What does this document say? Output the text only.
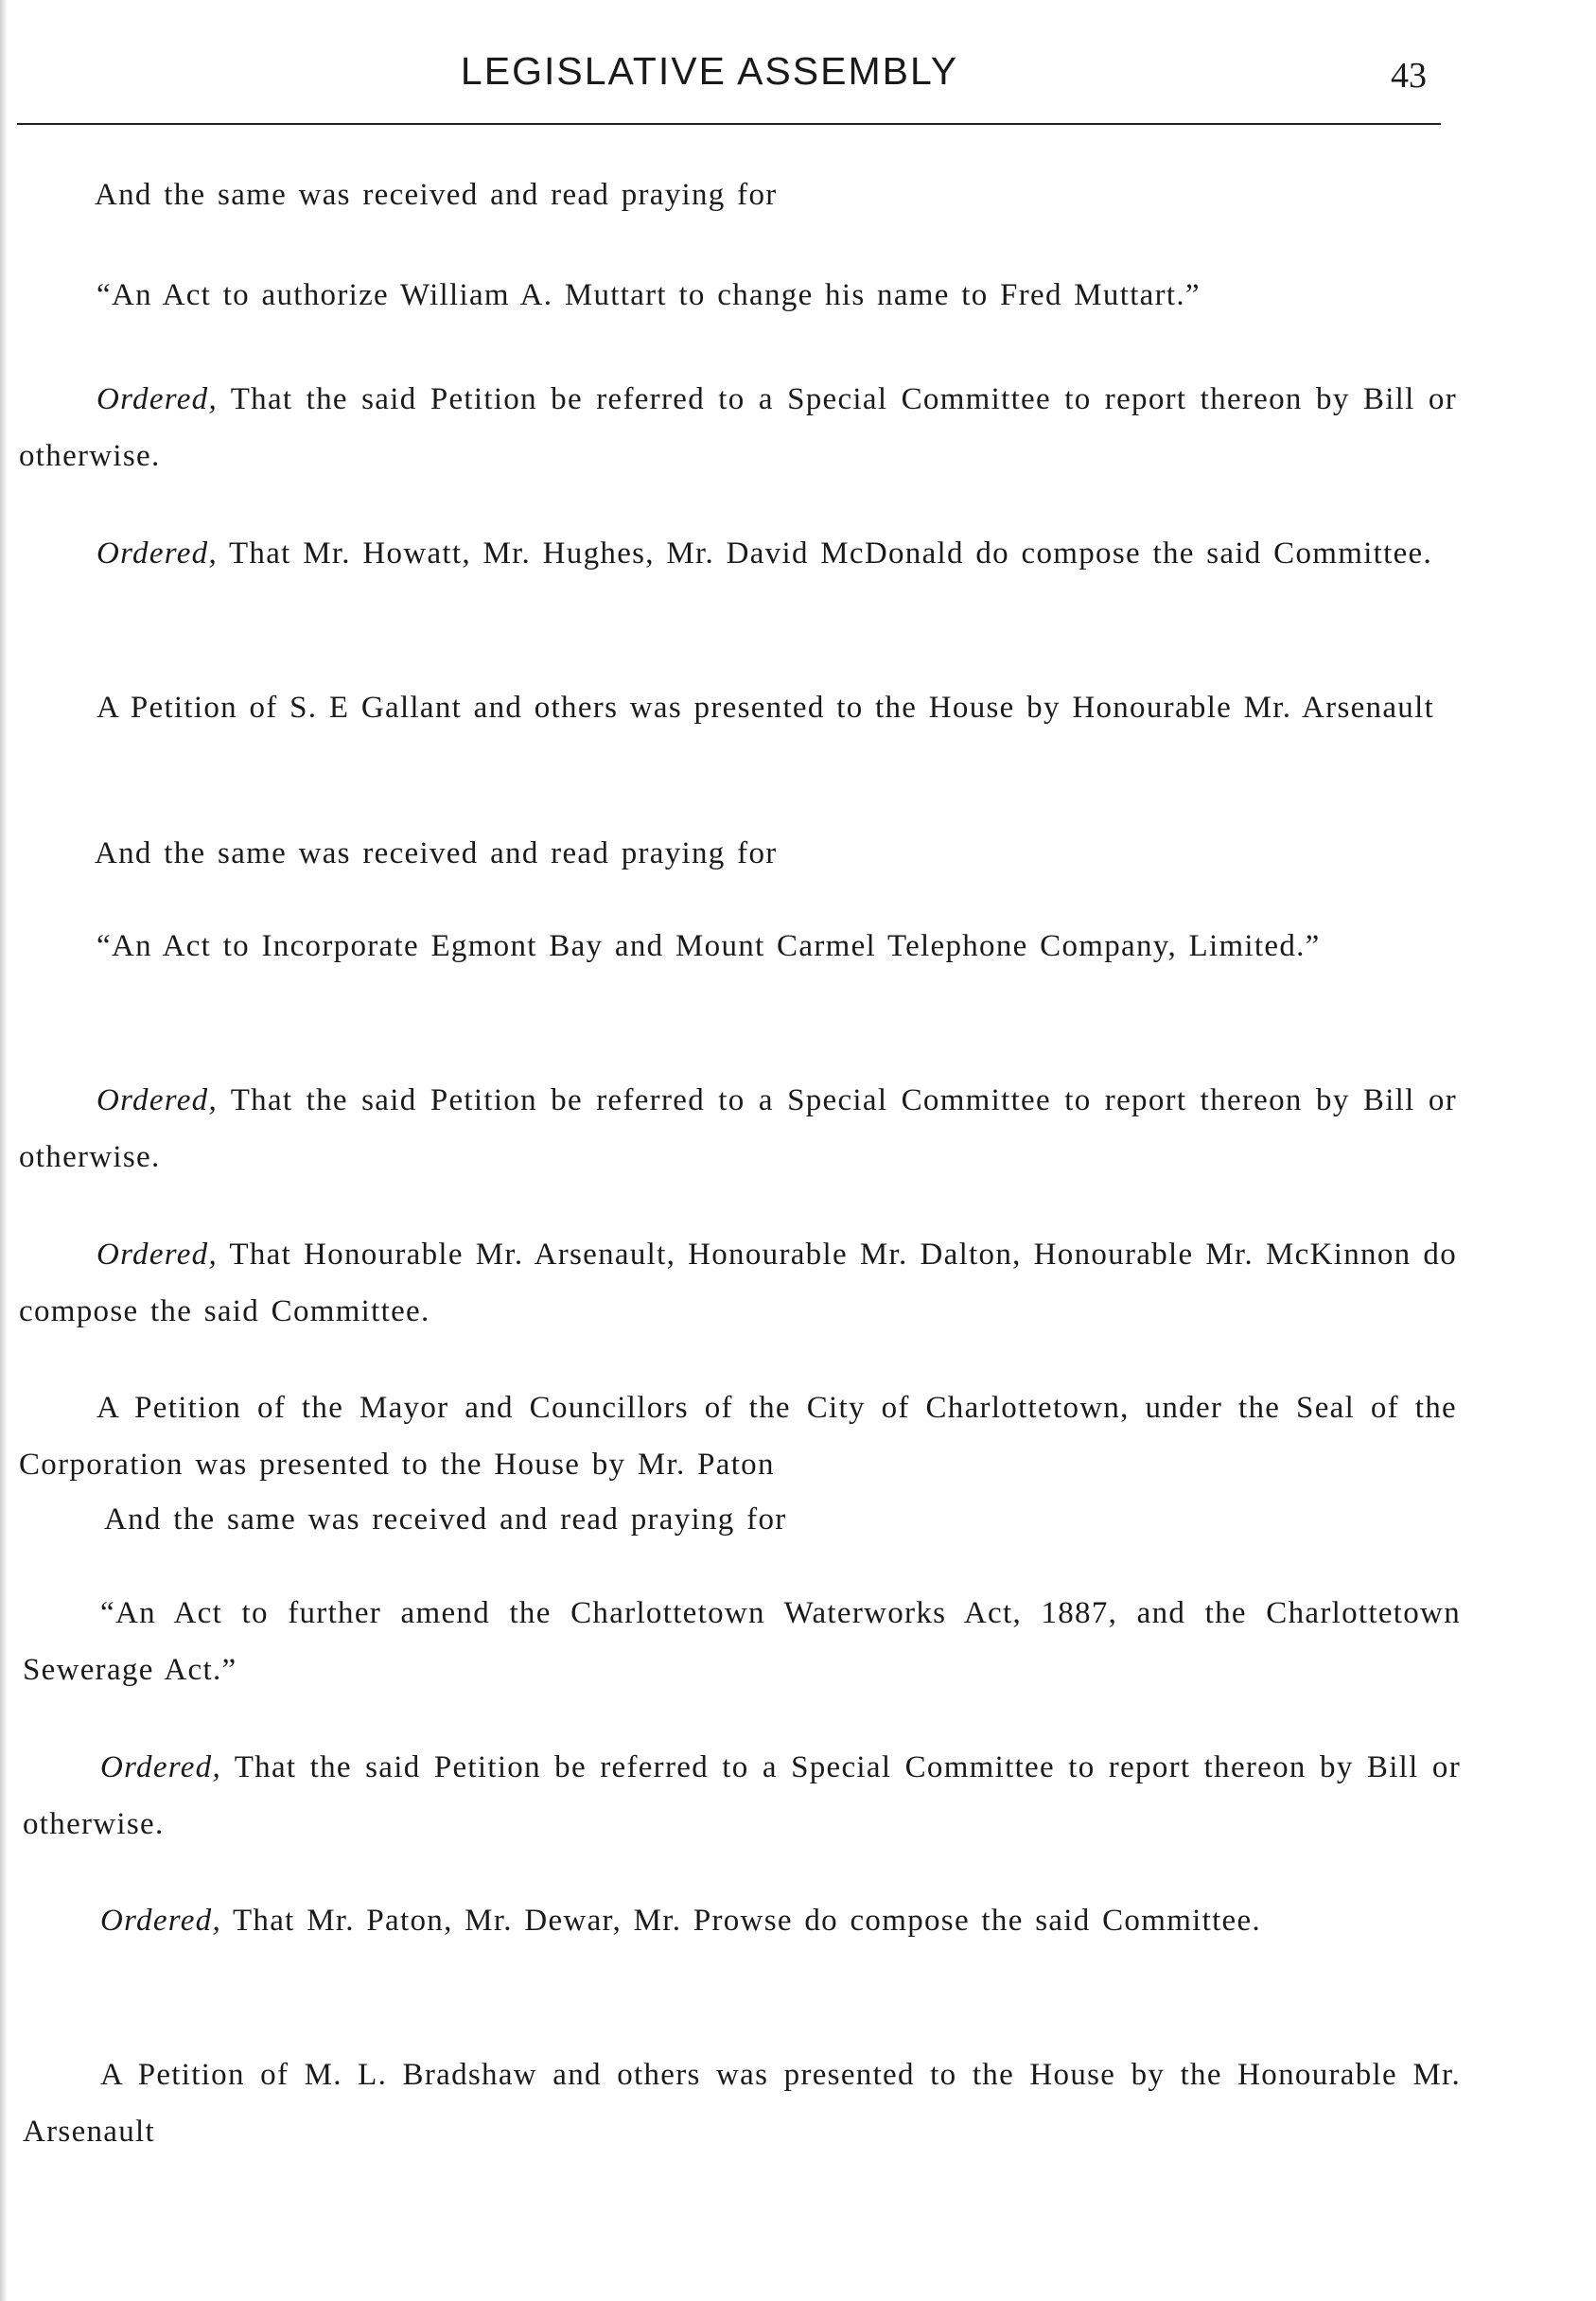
LEGISLATIVE ASSEMBLY	43

And the same was received and read praying for

“An Act to authorize William A. Muttart to change his name to Fred Muttart.”

Ordered, That the said Petition be referred to a Special Committee to report thereon by Bill or otherwise.

Ordered, That Mr. Howatt, Mr. Hughes, Mr. David McDonald do compose the said Committee.

A Petition of S. E Gallant and others was presented to the House by Honourable Mr. Arsenault

And the same was received and read praying for

“An Act to Incorporate Egmont Bay and Mount Carmel Telephone Company, Limited.”

Ordered, That the said Petition be referred to a Special Committee to report thereon by Bill or otherwise.

Ordered, That Honourable Mr. Arsenault, Honourable Mr. Dalton, Honourable Mr. McKinnon do compose the said Committee.

A Petition of the Mayor and Councillors of the City of Charlottetown, under the Seal of the Corporation was presented to the House by Mr. Paton

And the same was received and read praying for

“An Act to further amend the Charlottetown Waterworks Act, 1887, and the Charlottetown Sewerage Act.”

Ordered, That the said Petition be referred to a Special Committee to report thereon by Bill or otherwise.

Ordered, That Mr. Paton, Mr. Dewar, Mr. Prowse do compose the said Committee.

A Petition of M. L. Bradshaw and others was presented to the House by the Honourable Mr. Arsenault
